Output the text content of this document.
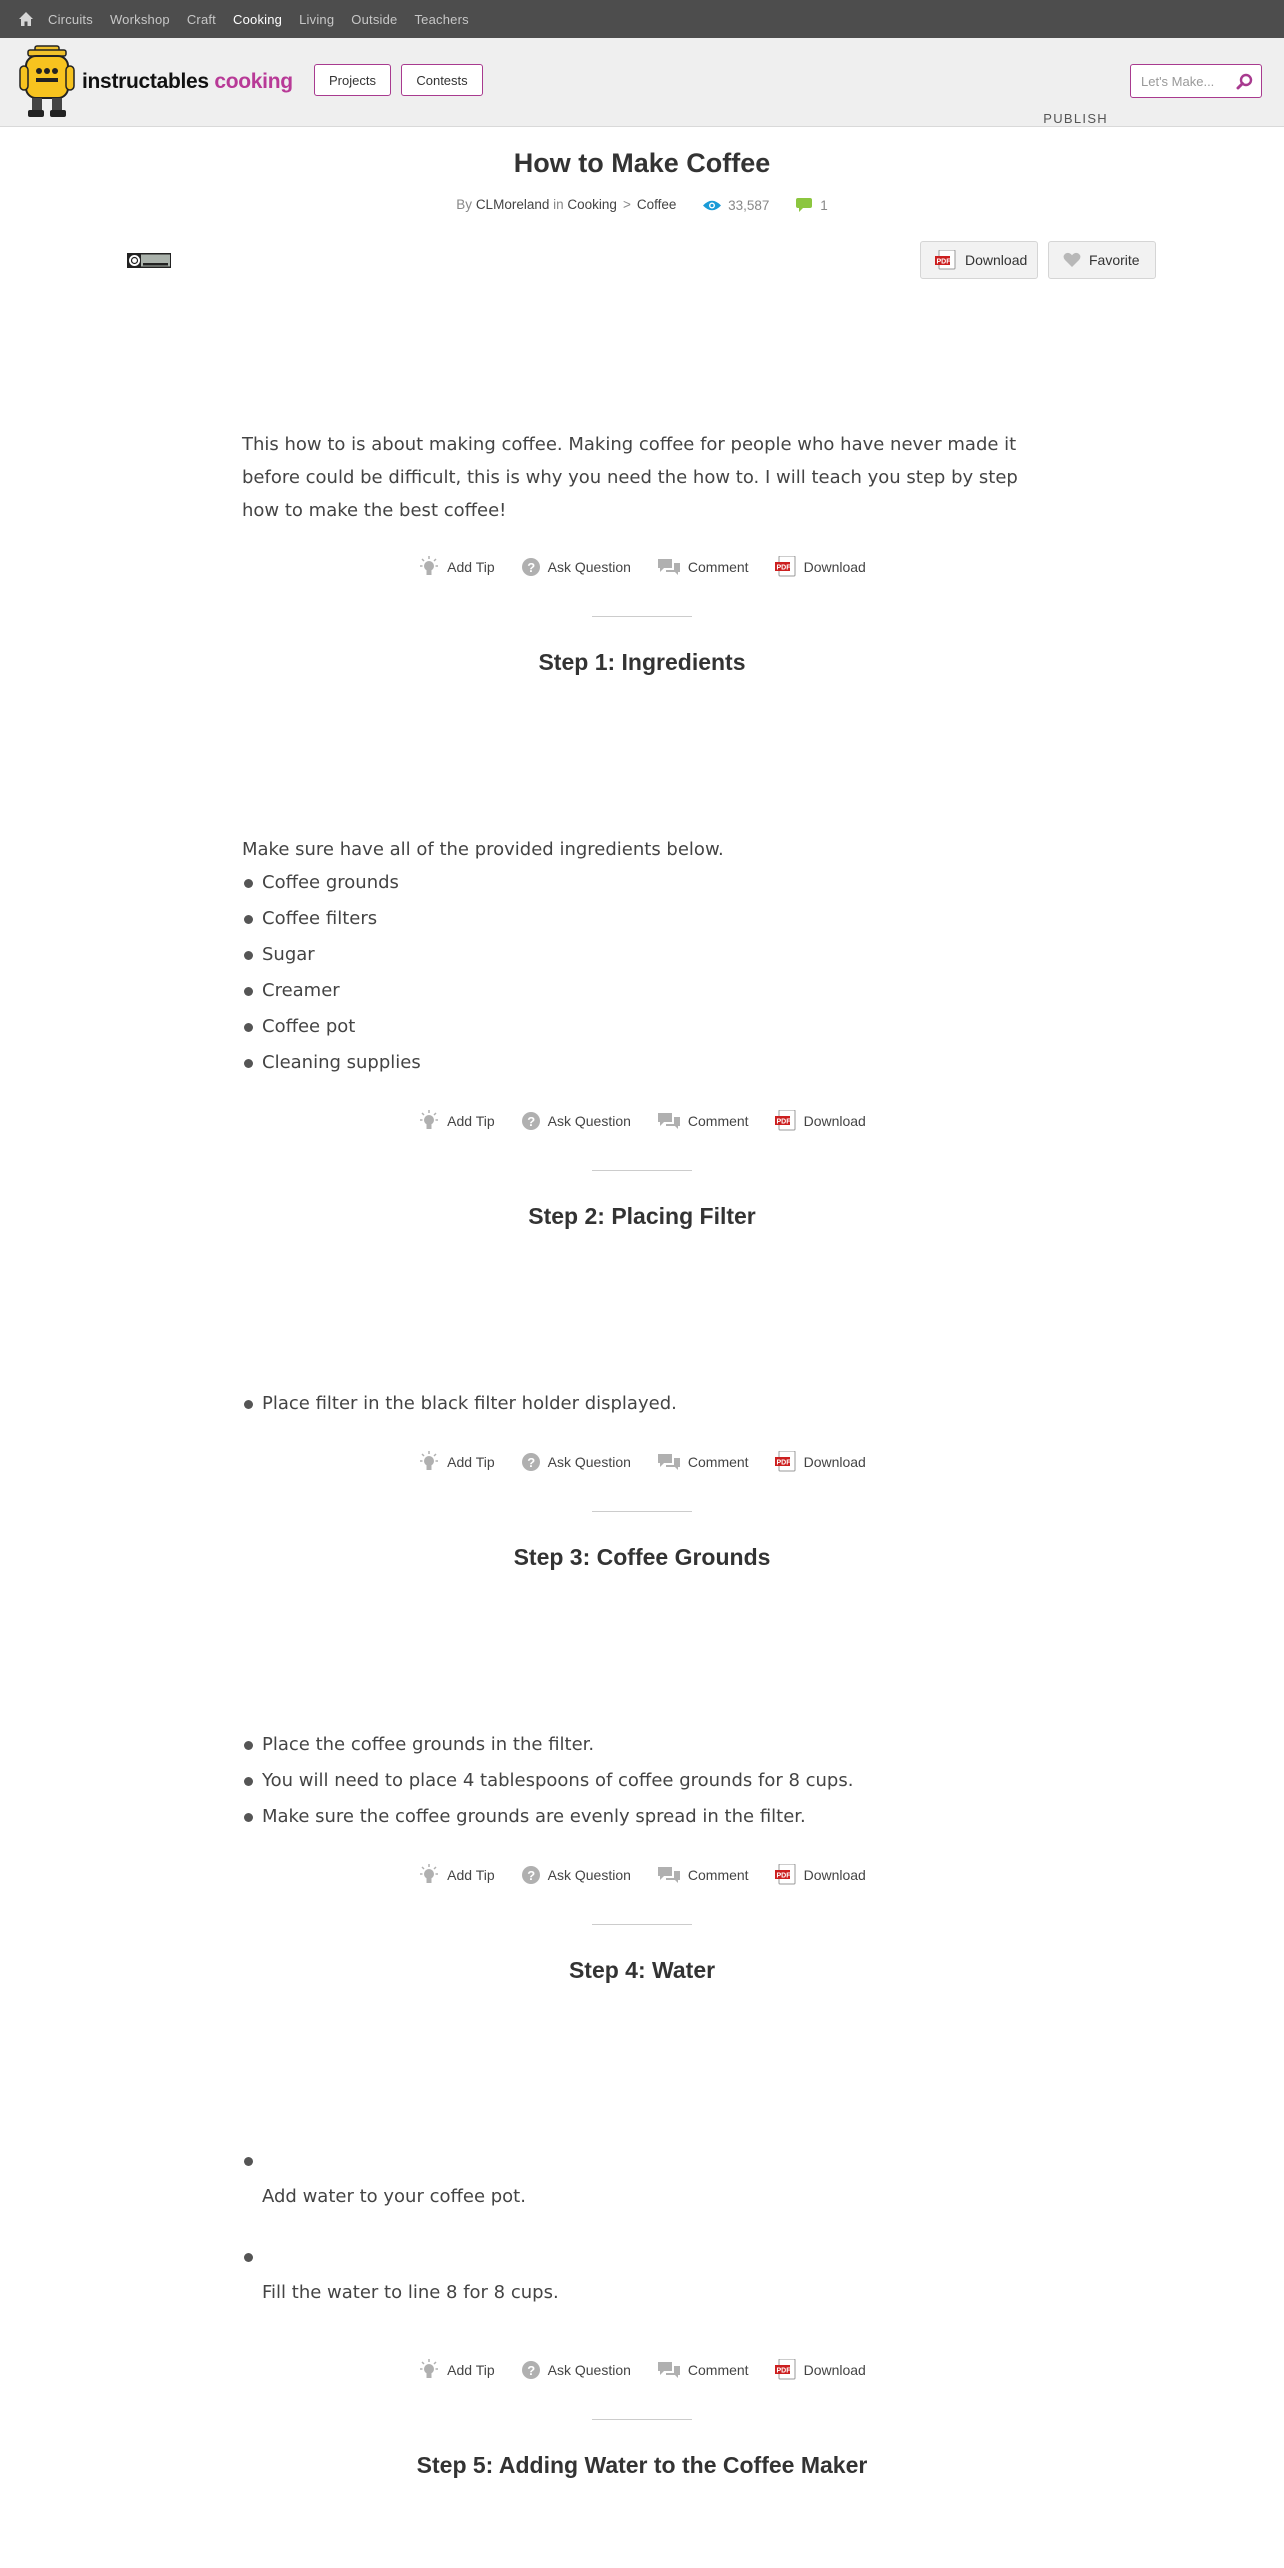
Circuits Workshop Craft Cooking Living Outside Teachers
instructables cooking	Projects	Contests
PUBLISH
Let's Make...
How to Make Coffee
By CLMoreland in Cooking > Coffee	33,587
	1
PDF Download	Favorite
This how to is about making coffee. Making coffee for people who have never made it before could be difficult, this is why you need the how to. I will teach you step by step how to make the best coffee!
Add Tip ? Ask Question	Comment	PDF Download
Step 1: Ingredients
Make sure have all of the provided ingredients below.
Coffee grounds
Coffee filters
Sugar
Creamer
Coffee pot
Cleaning supplies
Add Tip ? Ask Question	Comment	PDF Download
Step 2: Placing Filter
Place filter in the black filter holder displayed.
Add Tip ? Ask Question	Comment	PDF Download
Step 3: Coffee Grounds
Place the coffee grounds in the filter.
You will need to place 4 tablespoons of coffee grounds for 8 cups.
Make sure the coffee grounds are evenly spread in the filter.
Add Tip ? Ask Question	Comment	PDF Download
Step 4: Water
Add water to your coffee pot.
Fill the water to line 8 for 8 cups.
Add Tip ? Ask Question	Comment	PDF Download
Step 5: Adding Water to the Coffee Maker
